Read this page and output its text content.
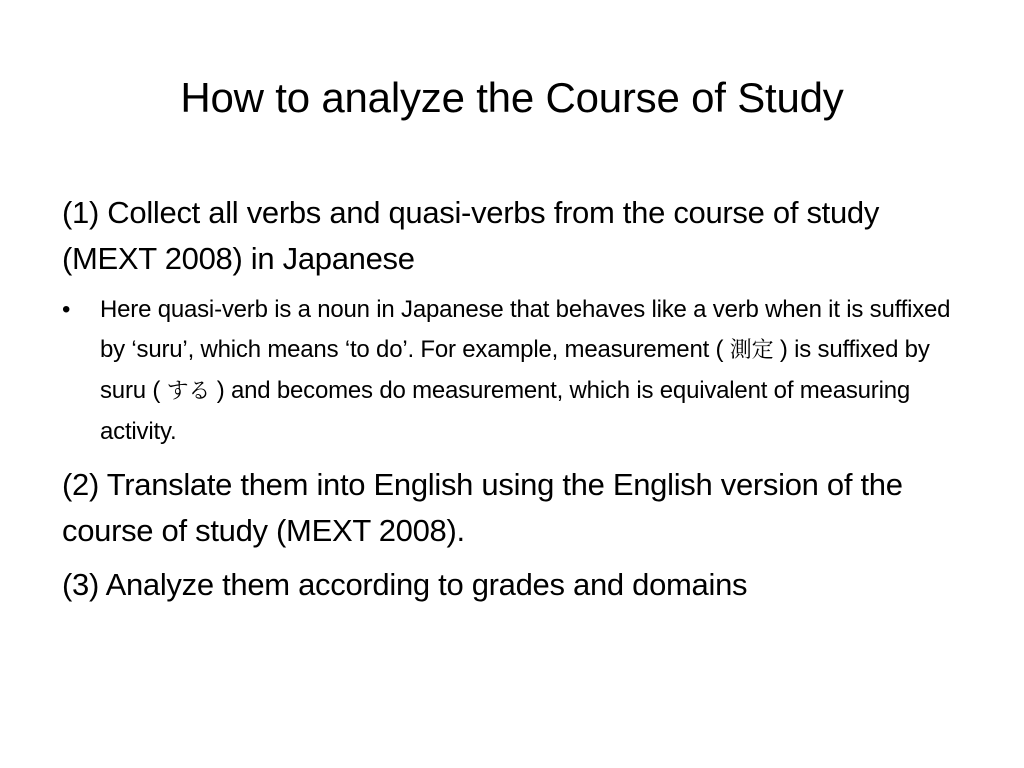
How to analyze the Course of Study

(1) Collect all verbs and quasi-verbs from the course of study (MEXT 2008) in Japanese

•	Here quasi-verb is a noun in Japanese that behaves like a verb when it is suffixed by ‘suru’, which means ‘to do’. For example, measurement ( 測定 ) is suffixed by suru ( する ) and becomes do measurement, which is equivalent of measuring activity.

(2) Translate them into English using the English version of the course of study (MEXT 2008).

(3) Analyze them according to grades and domains
